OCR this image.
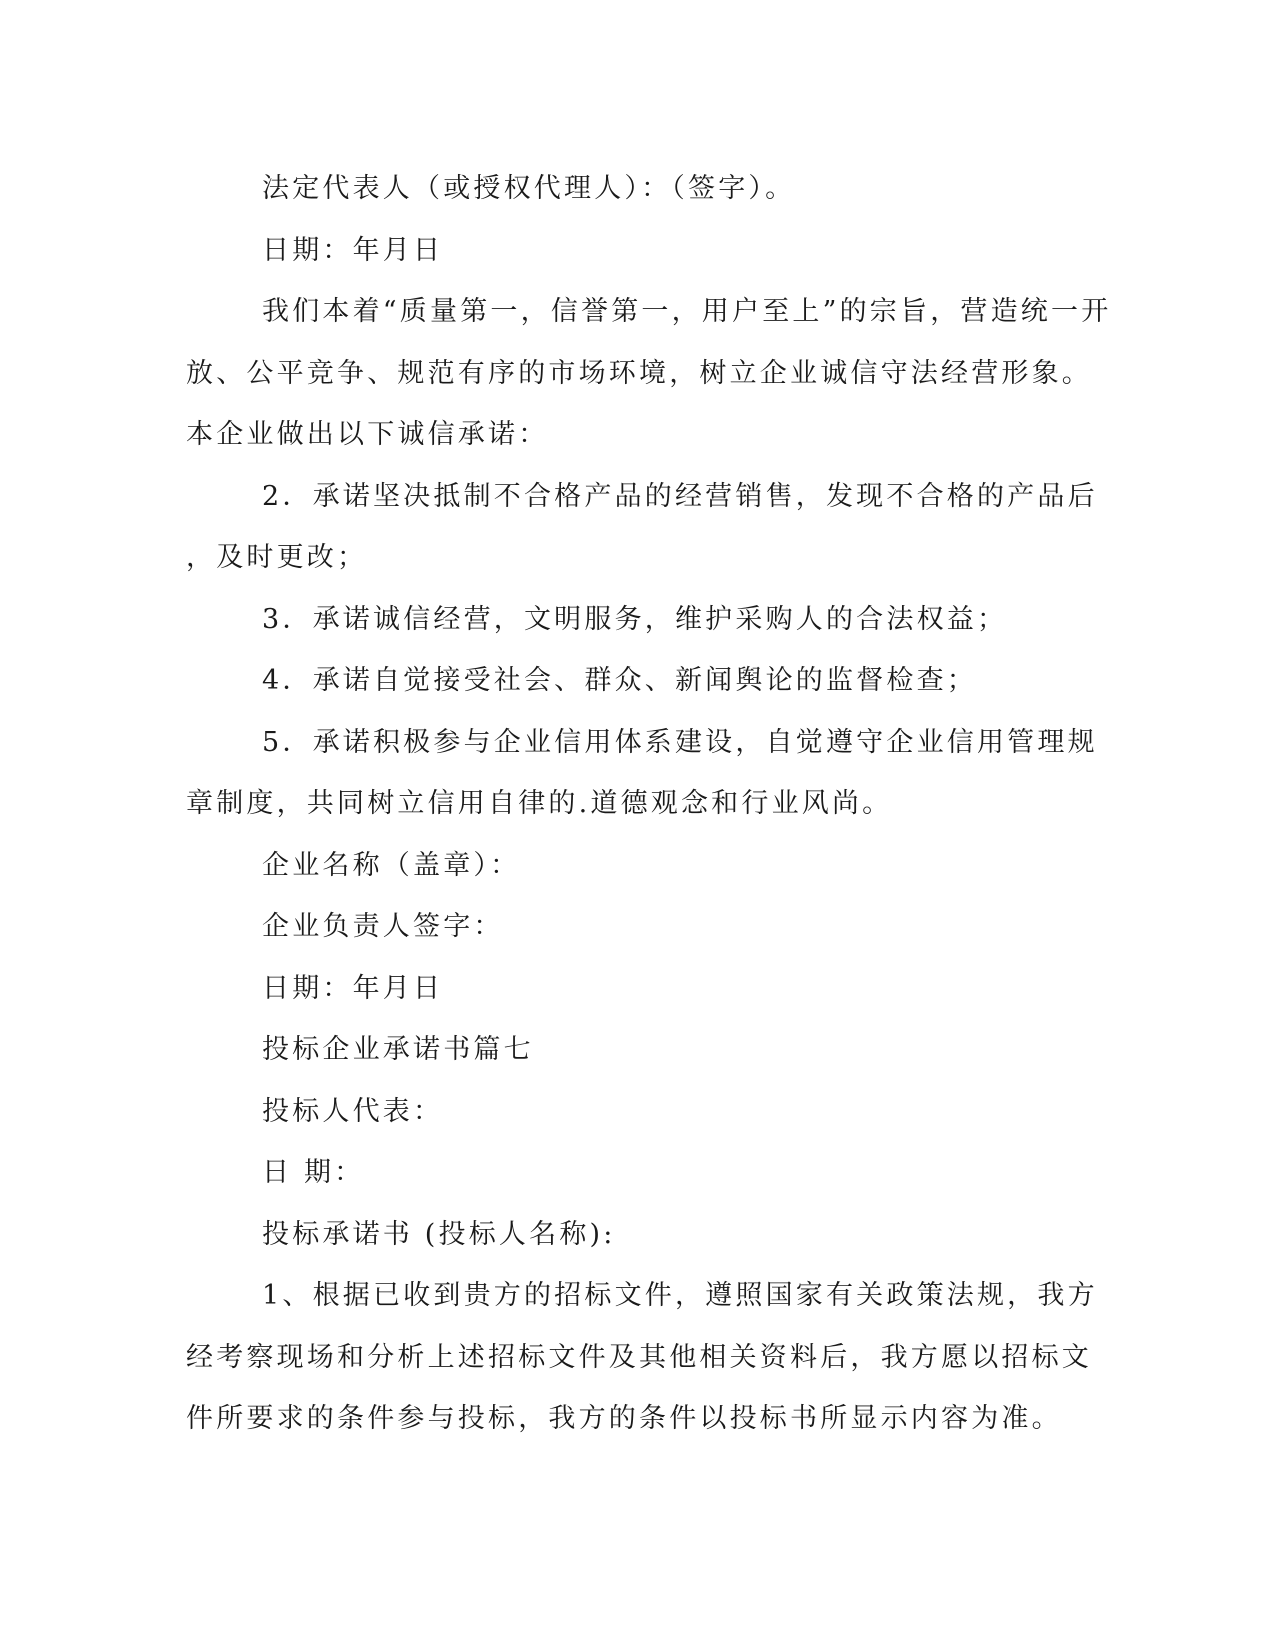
法定代表人（或授权代理人）：（签字）。
日期：年月日
我们本着“质量第一，信誉第一，用户至上”的宗旨，营造统一开
放、公平竞争、规范有序的市场环境，树立企业诚信守法经营形象。
本企业做出以下诚信承诺：
2．承诺坚决抵制不合格产品的经营销售，发现不合格的产品后
，及时更改；
3．承诺诚信经营，文明服务，维护采购人的合法权益；
4．承诺自觉接受社会、群众、新闻舆论的监督检查；
5．承诺积极参与企业信用体系建设，自觉遵守企业信用管理规
章制度，共同树立信用自律的.道德观念和行业风尚。
企业名称（盖章）：
企业负责人签字：
日期：年月日
投标企业承诺书篇七
投标人代表：
日 期：
投标承诺书 (投标人名称):
1、根据已收到贵方的招标文件，遵照国家有关政策法规，我方
经考察现场和分析上述招标文件及其他相关资料后，我方愿以招标文
件所要求的条件参与投标，我方的条件以投标书所显示内容为准。
